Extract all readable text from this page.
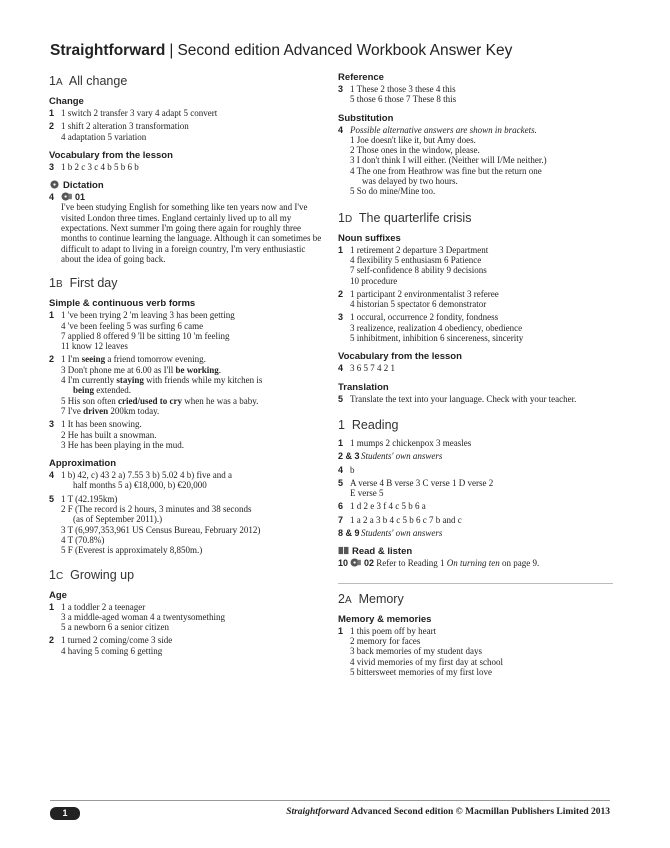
Straightforward | Second edition Advanced Workbook Answer Key
1A All change
Change
1 1 switch 2 transfer 3 vary 4 adapt 5 convert
2 1 shift 2 alteration 3 transformation
4 adaptation 5 variation
Vocabulary from the lesson
3 1 b 2 c 3 c 4 b 5 b 6 b
Dictation
4	01
I've been studying English for something like ten years now and I've visited London three times. England certainly lived up to all my expectations. Next summer I'm going there again for roughly three months to continue learning the language. Although it can sometimes be difficult to adapt to living in a foreign country, I'm very enthusiastic about the idea of going back.
1B First day
Simple & continuous verb forms
1 1 've been trying 2 'm leaving 3 has been getting
4 've been feeling 5 was surfing 6 came
7 applied 8 offered 9 'll be sitting 10 'm feeling
11 know 12 leaves
2 1 I'm seeing a friend tomorrow evening.
3 Don't phone me at 6.00 as I'll be working.
4 I'm currently staying with friends while my kitchen is
being extended.
5 His son often cried/used to cry when he was a baby.
7 I've driven 200km today.
3 1 It has been snowing.
2 He has built a snowman.
3 He has been playing in the mud.
Approximation
4 1 b) 42, c) 43 2 a) 7.55 3 b) 5.02 4 b) five and a
half months 5 a) €18,000, b) €20,000
5 1 T (42.195km)
2 F (The record is 2 hours, 3 minutes and 38 seconds
(as of September 2011).)
3 T (6,997,353,961 US Census Bureau, February 2012)
4 T (70.8%)
5 F (Everest is approximately 8,850m.)
1C Growing up
Age
1 1 a toddler 2 a teenager
3 a middle-aged woman 4 a twentysomething
5 a newborn 6 a senior citizen
2 1 turned 2 coming/come 3 side
4 having 5 coming 6 getting
Reference
3 1 These 2 those 3 these 4 this
5 those 6 those 7 These 8 this
Substitution
4 Possible alternative answers are shown in brackets.
1 Joe doesn't like it, but Amy does.
2 Those ones in the window, please.
3 I don't think I will either. (Neither will I/Me neither.)
4 The one from Heathrow was fine but the return one
was delayed by two hours.
5 So do mine/Mine too.
1D The quarterlife crisis
Noun suffixes
1 1 retirement 2 departure 3 Department
4 flexibility 5 enthusiasm 6 Patience
7 self-confidence 8 ability 9 decisions
10 procedure
2 1 participant 2 environmentalist 3 referee
4 historian 5 spectator 6 demonstrator
3 1 occural, occurrence 2 fondity, fondness
3 realizence, realization 4 obediency, obedience
5 inhibitment, inhibition 6 sincereness, sincerity
Vocabulary from the lesson
4 3 6 5 7 4 2 1
Translation
5 Translate the text into your language. Check with your teacher.
1 Reading
1 1 mumps 2 chickenpox 3 measles
2 & 3 Students' own answers
4 b
5 A verse 4 B verse 3 C verse 1 D verse 2
E verse 5
6 1 d 2 e 3 f 4 c 5 b 6 a
7 1 a 2 a 3 b 4 c 5 b 6 c 7 b and c
8 & 9 Students' own answers
Read & listen
10	02 Refer to Reading 1 On turning ten on page 9.
2A Memory
Memory & memories
1 1 this poem off by heart
2 memory for faces
3 back memories of my student days
4 vivid memories of my first day at school
5 bittersweet memories of my first love
1	Straightforward Advanced Second edition © Macmillan Publishers Limited 2013
